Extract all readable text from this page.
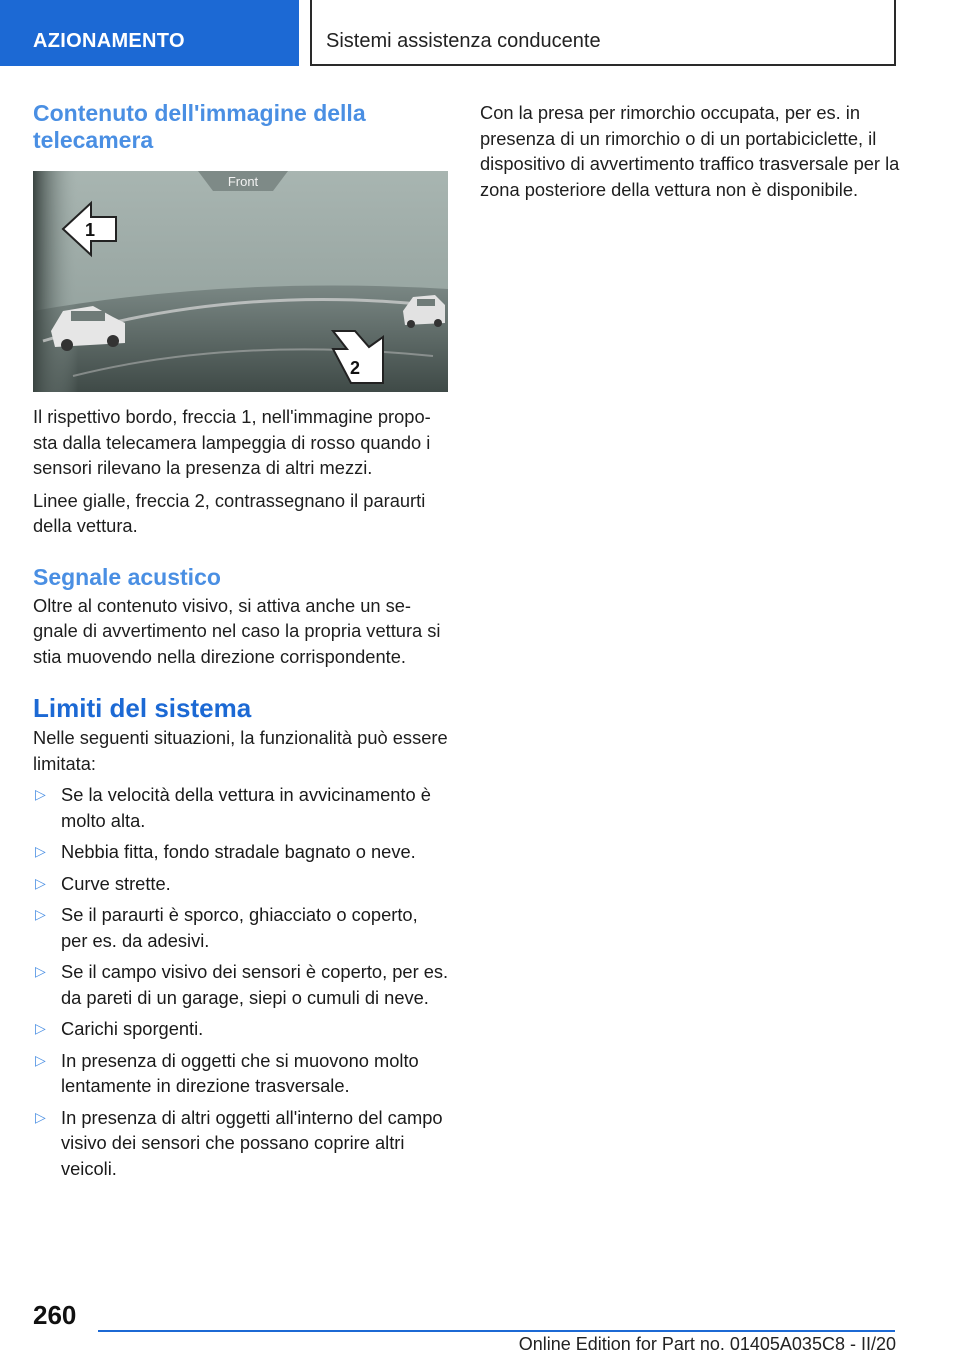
AZIONAMENTO	Sistemi assistenza conducente
Contenuto dell'immagine della telecamera
Front
1
2

Il rispettivo bordo, freccia 1, nell'immagine proposta dalla telecamera lampeggia di rosso quando i sensori rilevano la presenza di altri mezzi.

Linee gialle, freccia 2, contrassegnano il paraurti della vettura.

Segnale acustico

Oltre al contenuto visivo, si attiva anche un segnale di avvertimento nel caso la propria vettura si stia muovendo nella direzione corrispondente.

Limiti del sistema

Nelle seguenti situazioni, la funzionalità può essere limitata:

▷ Se la velocità della vettura in avvicinamento è molto alta.
▷ Nebbia fitta, fondo stradale bagnato o neve.
▷ Curve strette.
▷ Se il paraurti è sporco, ghiacciato o coperto, per es. da adesivi.
▷ Se il campo visivo dei sensori è coperto, per es. da pareti di un garage, siepi o cumuli di neve.
▷ Carichi sporgenti.
▷ In presenza di oggetti che si muovono molto lentamente in direzione trasversale.
▷ In presenza di altri oggetti all'interno del campo visivo dei sensori che possano coprire altri veicoli.

Con la presa per rimorchio occupata, per es. in presenza di un rimorchio o di un portabiciclette, il dispositivo di avvertimento traffico trasversale per la zona posteriore della vettura non è disponibile.

260
Online Edition for Part no. 01405A035C8 - II/20
